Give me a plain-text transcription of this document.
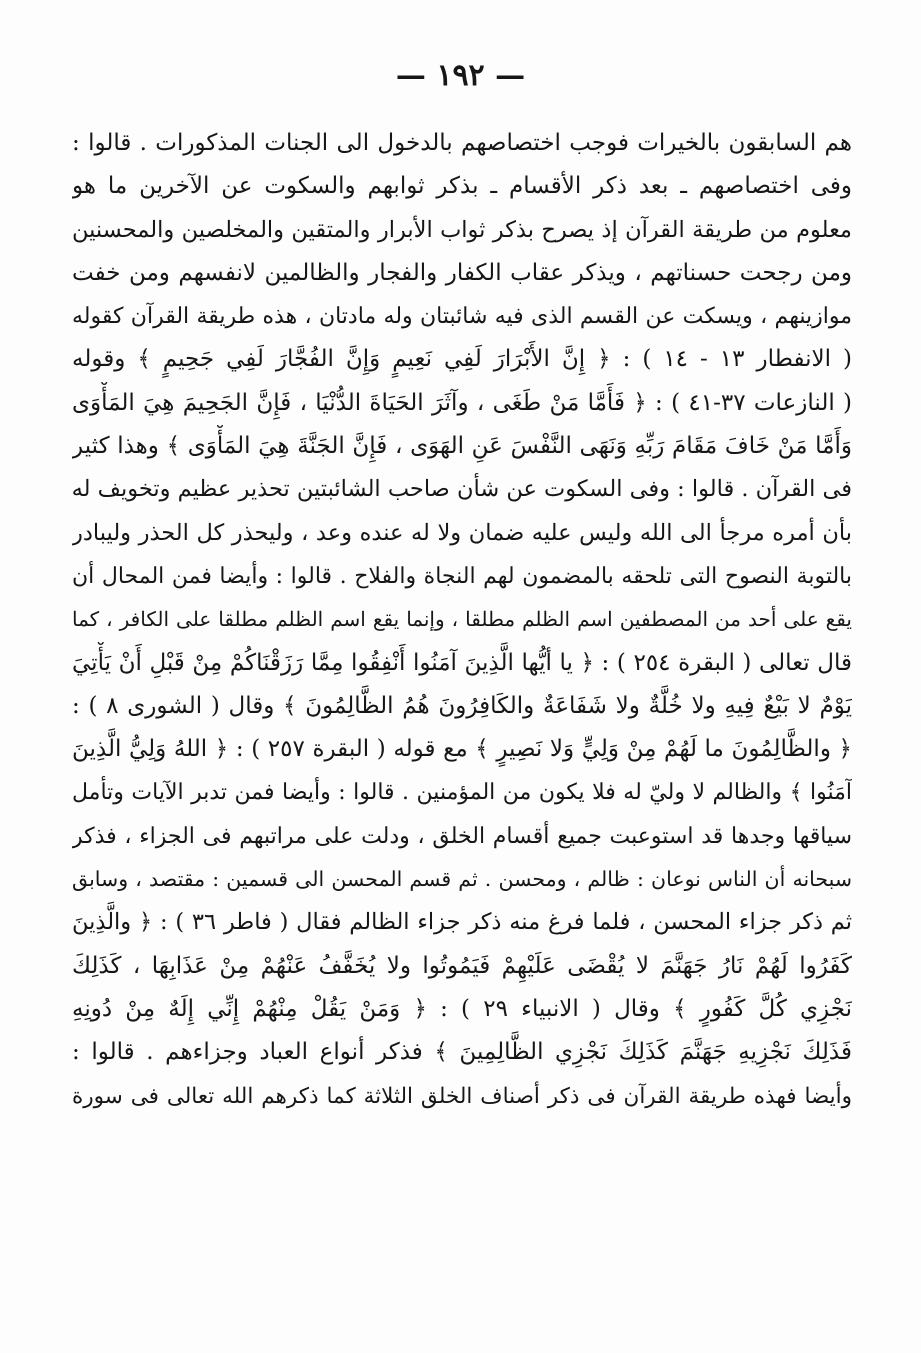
— ١٩٢ —
هم السابقون بالخيرات فوجب اختصاصهم بالدخول الى الجنات المذكورات . قالوا :
وفى اختصاصهم ـ بعد ذكر الأقسام ـ بذكر ثوابهم والسكوت عن الآخرين ما هو
معلوم من طريقة القرآن إذ يصرح بذكر ثواب الأبرار والمتقين والمخلصين والمحسنين
ومن رجحت حسناتهم ، ويذكر عقاب الكفار والفجار والظالمين لانفسهم ومن خفت
موازينهم ، ويسكت عن القسم الذى فيه شائبتان وله مادتان ، هذه طريقة القرآن كقوله
( الانفطار ١٣ - ١٤ ) : ﴿ إِنَّ الأَبْرَارَ لَفِي نَعِيمٍ وَإِنَّ الفُجَّارَ لَفِي جَحِيمٍ ﴾ وقوله
( النازعات ٣٧-٤١ ) : ﴿ فَأَمَّا مَنْ طَغَى ، وآثَرَ الحَيَاةَ الدُّنْيَا ، فَإِنَّ الجَحِيمَ هِيَ المَأْوَى
وَأَمَّا مَنْ خَافَ مَقَامَ رَبِّهِ وَنَهَى النَّفْسَ عَنِ الهَوَى ، فَإِنَّ الجَنَّةَ هِيَ المَأْوَى ﴾ وهذا كثير
فى القرآن . قالوا : وفى السكوت عن شأن صاحب الشائبتين تحذير عظيم وتخويف له
بأن أمره مرجأ الى الله وليس عليه ضمان ولا له عنده وعد ، وليحذر كل الحذر وليبادر
بالتوبة النصوح التى تلحقه بالمضمون لهم النجاة والفلاح . قالوا : وأيضا فمن المحال أن
يقع على أحد من المصطفين اسم الظلم مطلقا ، وإنما يقع اسم الظلم مطلقا على الكافر ، كما
قال تعالى ( البقرة ٢٥٤ ) : ﴿ يا أيُّها الَّذِينَ آمَنُوا أَنْفِقُوا مِمَّا رَزَقْنَاكُمْ مِنْ قَبْلِ أَنْ يَأْتِيَ
يَوْمٌ لا بَيْعٌ فِيهِ ولا خُلَّةٌ ولا شَفَاعَةٌ والكَافِرُونَ هُمُ الظَّالِمُونَ ﴾ وقال ( الشورى ٨ ) :
﴿ والظَّالِمُونَ ما لَهُمْ مِنْ وَلِيٍّ وَلا نَصِيرٍ ﴾ مع قوله ( البقرة ٢٥٧ ) : ﴿ اللهُ وَلِيُّ الَّذِينَ
آمَنُوا ﴾ والظالم لا وليّ له فلا يكون من المؤمنين . قالوا : وأيضا فمن تدبر الآيات وتأمل
سياقها وجدها قد استوعبت جميع أقسام الخلق ، ودلت على مراتبهم فى الجزاء ، فذكر
سبحانه أن الناس نوعان : ظالم ، ومحسن . ثم قسم المحسن الى قسمين : مقتصد ، وسابق
ثم ذكر جزاء المحسن ، فلما فرغ منه ذكر جزاء الظالم فقال ( فاطر ٣٦ ) : ﴿ والَّذِينَ
كَفَرُوا لَهُمْ نَارُ جَهَنَّمَ لا يُقْضَى عَلَيْهِمْ فَيَمُوتُوا ولا يُخَفَّفُ عَنْهُمْ مِنْ عَذَابِهَا ، كَذَلِكَ
نَجْزِي كُلَّ كَفُورٍ ﴾ وقال ( الانبياء ٢٩ ) : ﴿ وَمَنْ يَقُلْ مِنْهُمْ إِنِّي إِلَهٌ مِنْ دُونِهِ
فَذَلِكَ نَجْزِيهِ جَهَنَّمَ كَذَلِكَ نَجْزِي الظَّالِمِينَ ﴾ فذكر أنواع العباد وجزاءهم . قالوا :
وأيضا فهذه طريقة القرآن فى ذكر أصناف الخلق الثلاثة كما ذكرهم الله تعالى فى سورة
